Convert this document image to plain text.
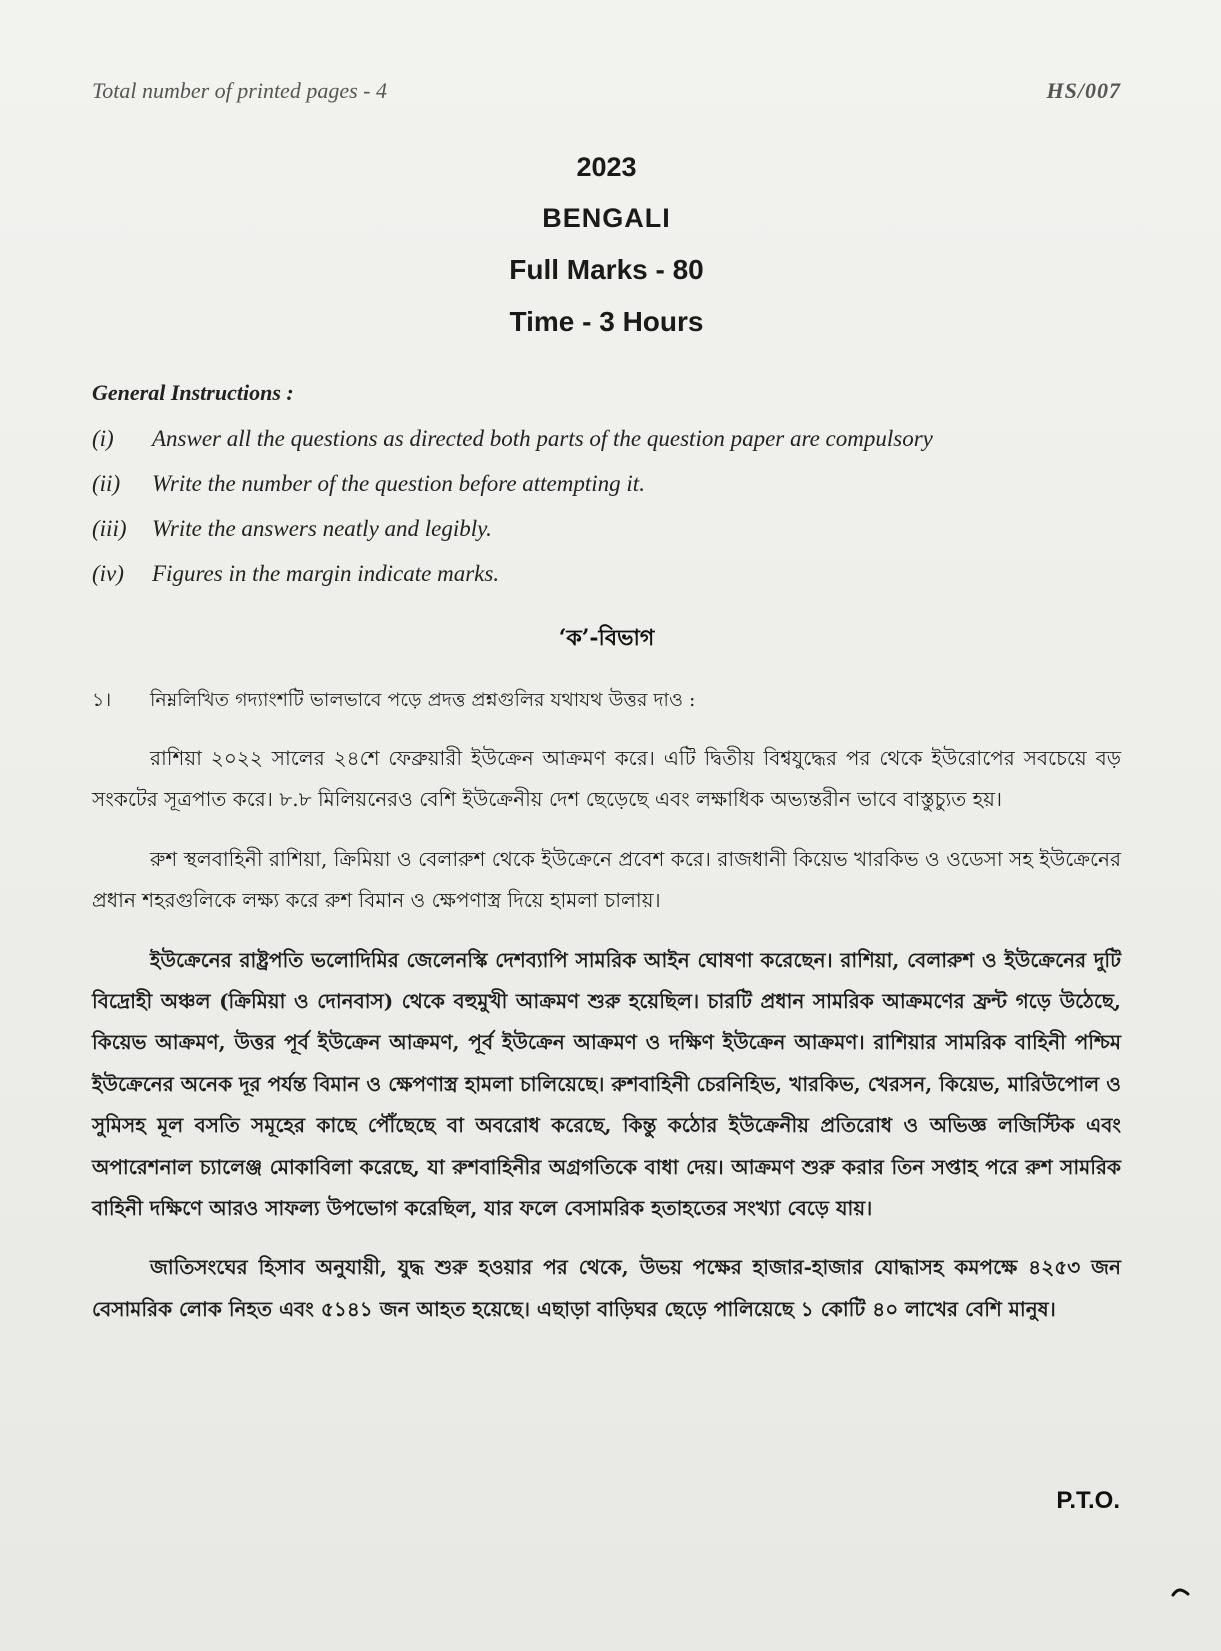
Total number of printed pages - 4	HS/007
2023
BENGALI
Full Marks - 80
Time - 3 Hours
General Instructions :
(i)	Answer all the questions as directed both parts of the question paper are compulsory
(ii)	Write the number of the question before attempting it.
(iii)	Write the answers neatly and legibly.
(iv)	Figures in the margin indicate marks.
‘ক’-বিভাগ
১।	নিম্নলিখিত গদ্যাংশটি ভালভাবে পড়ে প্রদত্ত প্রশ্নগুলির যথাযথ উত্তর দাও :

রাশিয়া ২০২২ সালের ২৪শে ফেব্রুয়ারী ইউক্রেন আক্রমণ করে। এটি দ্বিতীয় বিশ্বযুদ্ধের পর থেকে ইউরোপের সবচেয়ে বড় সংকটের সূত্রপাত করে। ৮.৮ মিলিয়নেরও বেশি ইউক্রেনীয় দেশ ছেড়েছে এবং লক্ষাধিক অভ্যন্তরীন ভাবে বাস্তুচ্যুত হয়।

রুশ স্থলবাহিনী রাশিয়া, ক্রিমিয়া ও বেলারুশ থেকে ইউক্রেনে প্রবেশ করে। রাজধানী কিয়েভ খারকিভ ও ওডেসা সহ ইউক্রেনের প্রধান শহরগুলিকে লক্ষ্য করে রুশ বিমান ও ক্ষেপণাস্ত্র দিয়ে হামলা চালায়।

ইউক্রেনের রাষ্ট্রপতি ভলোদিমির জেলেনস্কি দেশব্যাপি সামরিক আইন ঘোষণা করেছেন। রাশিয়া, বেলারুশ ও ইউক্রেনের দুটি বিদ্রোহী অঞ্চল (ক্রিমিয়া ও দোনবাস) থেকে বহুমুখী আক্রমণ শুরু হয়েছিল। চারটি প্রধান সামরিক আক্রমণের ফ্রন্ট গড়ে উঠেছে, কিয়েভ আক্রমণ, উত্তর পূর্ব ইউক্রেন আক্রমণ, পূর্ব ইউক্রেন আক্রমণ ও দক্ষিণ ইউক্রেন আক্রমণ। রাশিয়ার সামরিক বাহিনী পশ্চিম ইউক্রেনের অনেক দূর পর্যন্ত বিমান ও ক্ষেপণাস্ত্র হামলা চালিয়েছে। রুশবাহিনী চেরনিহিভ, খারকিভ, খেরসন, কিয়েভ, মারিউপোল ও সুমিসহ মূল বসতি সমূহের কাছে পৌঁছেছে বা অবরোধ করেছে, কিন্তু কঠোর ইউক্রেনীয় প্রতিরোধ ও অভিজ্ঞ লজিস্টিক এবং অপারেশনাল চ্যালেঞ্জ মোকাবিলা করেছে, যা রুশবাহিনীর অগ্রগতিকে বাধা দেয়। আক্রমণ শুরু করার তিন সপ্তাহ পরে রুশ সামরিক বাহিনী দক্ষিণে আরও সাফল্য উপভোগ করেছিল, যার ফলে বেসামরিক হতাহতের সংখ্যা বেড়ে যায়।

জাতিসংঘের হিসাব অনুযায়ী, যুদ্ধ শুরু হওয়ার পর থেকে, উভয় পক্ষের হাজার-হাজার যোদ্ধাসহ কমপক্ষে ৪২৫৩ জন বেসামরিক লোক নিহত এবং ৫১৪১ জন আহত হয়েছে। এছাড়া বাড়িঘর ছেড়ে পালিয়েছে ১ কোটি ৪০ লাখের বেশি মানুষ।

P.T.O.
